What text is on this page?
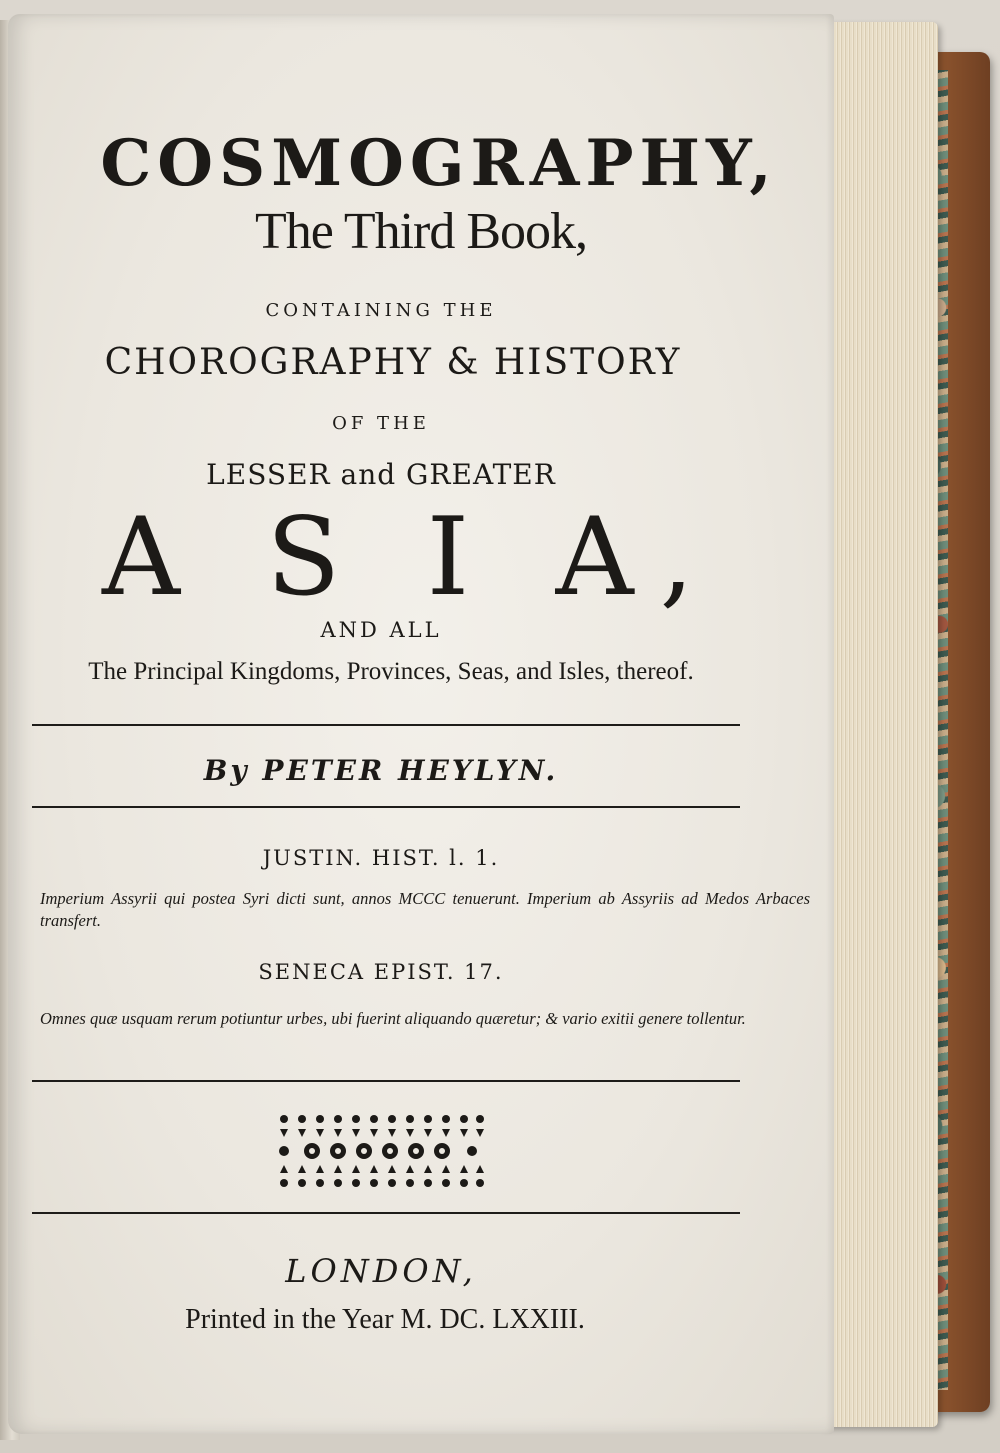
COSMOGRAPHY,
The Third Book,
CONTAINING THE
CHOROGRAPHY & HISTORY
OF THE
LESSER and GREATER
A S I A,
AND ALL
The Principal Kingdoms, Provinces, Seas, and Isles, thereof.
By PETER HEYLYN.
JUSTIN. HIST. l. 1.
Imperium Assyrii qui postea Syri dicti sunt, annos MCCC tenuerunt. Imperium ab Assyriis ad Medos Arbaces transfert.
SENECA EPIST. 17.
Omnes quæ usquam rerum potiuntur urbes, ubi fuerint aliquando quæretur; & vario exitii genere tollentur.
LONDON,
Printed in the Year M. DC. LXXIII.
